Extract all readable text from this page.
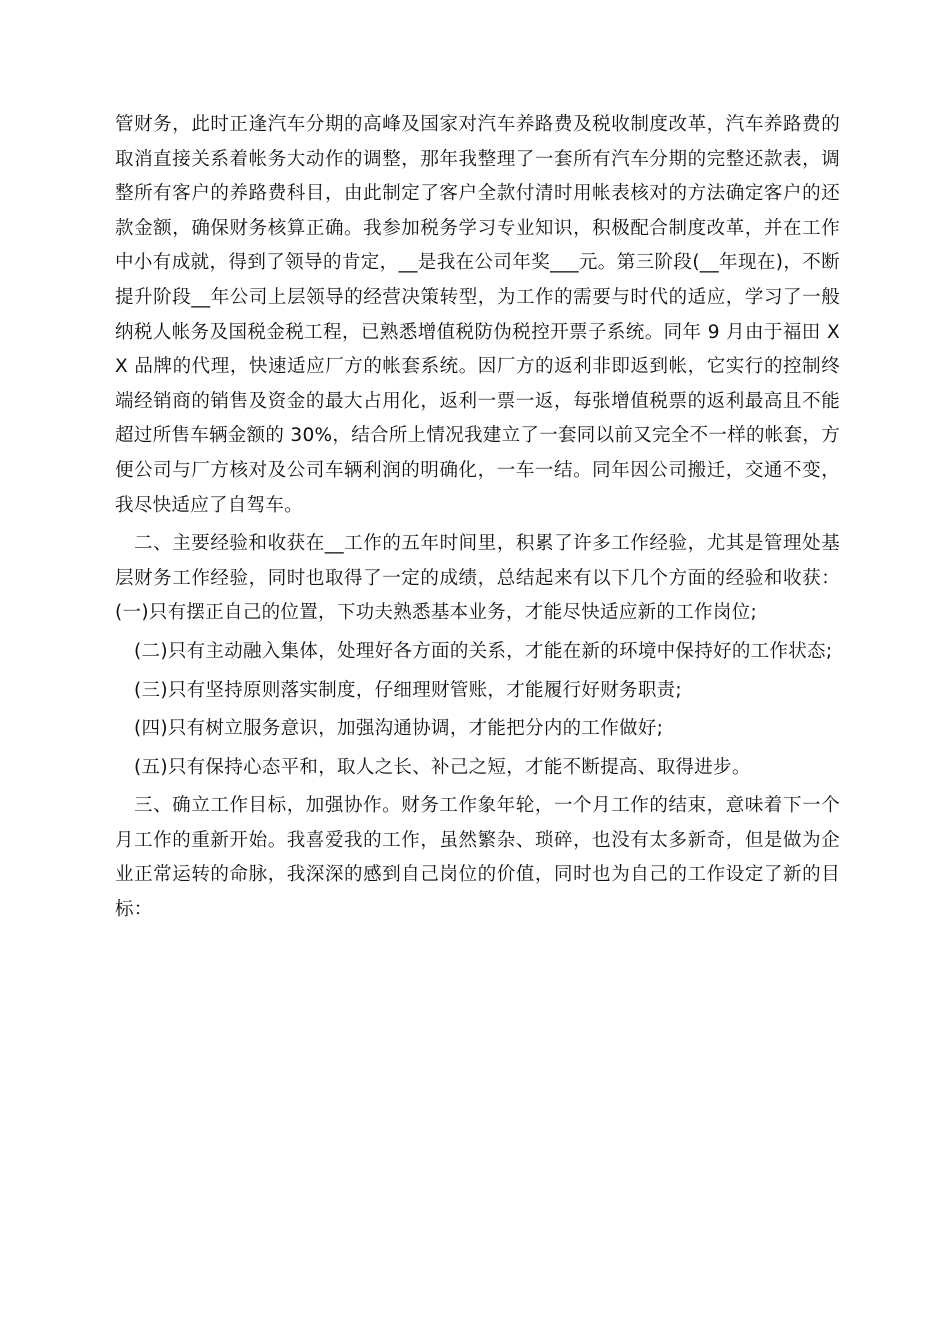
管财务，此时正逢汽车分期的高峰及国家对汽车养路费及税收制度改革，汽车养路费的取消直接关系着帐务大动作的调整，那年我整理了一套所有汽车分期的完整还款表，调整所有客户的养路费科目，由此制定了客户全款付清时用帐表核对的方法确定客户的还款金额，确保财务核算正确。我参加税务学习专业知识，积极配合制度改革，并在工作中小有成就，得到了领导的肯定，__是我在公司年奖___元。第三阶段(__年现在)，不断提升阶段__年公司上层领导的经营决策转型，为工作的需要与时代的适应，学习了一般纳税人帐务及国税金税工程，已熟悉增值税防伪税控开票子系统。同年 9 月由于福田 XX 品牌的代理，快速适应厂方的帐套系统。因厂方的返利非即返到帐，它实行的控制终端经销商的销售及资金的最大占用化，返利一票一返，每张增值税票的返利最高且不能超过所售车辆金额的 30%，结合所上情况我建立了一套同以前又完全不一样的帐套，方便公司与厂方核对及公司车辆利润的明确化，一车一结。同年因公司搬迁，交通不变，我尽快适应了自驾车。

二、主要经验和收获在__工作的五年时间里，积累了许多工作经验，尤其是管理处基层财务工作经验，同时也取得了一定的成绩，总结起来有以下几个方面的经验和收获：(一)只有摆正自己的位置，下功夫熟悉基本业务，才能尽快适应新的工作岗位;

(二)只有主动融入集体，处理好各方面的关系，才能在新的环境中保持好的工作状态;

(三)只有坚持原则落实制度，仔细理财管账，才能履行好财务职责;

(四)只有树立服务意识，加强沟通协调，才能把分内的工作做好;

(五)只有保持心态平和，取人之长、补己之短，才能不断提高、取得进步。

三、确立工作目标，加强协作。财务工作象年轮，一个月工作的结束，意味着下一个月工作的重新开始。我喜爱我的工作，虽然繁杂、琐碎，也没有太多新奇，但是做为企业正常运转的命脉，我深深的感到自己岗位的价值，同时也为自己的工作设定了新的目标：
